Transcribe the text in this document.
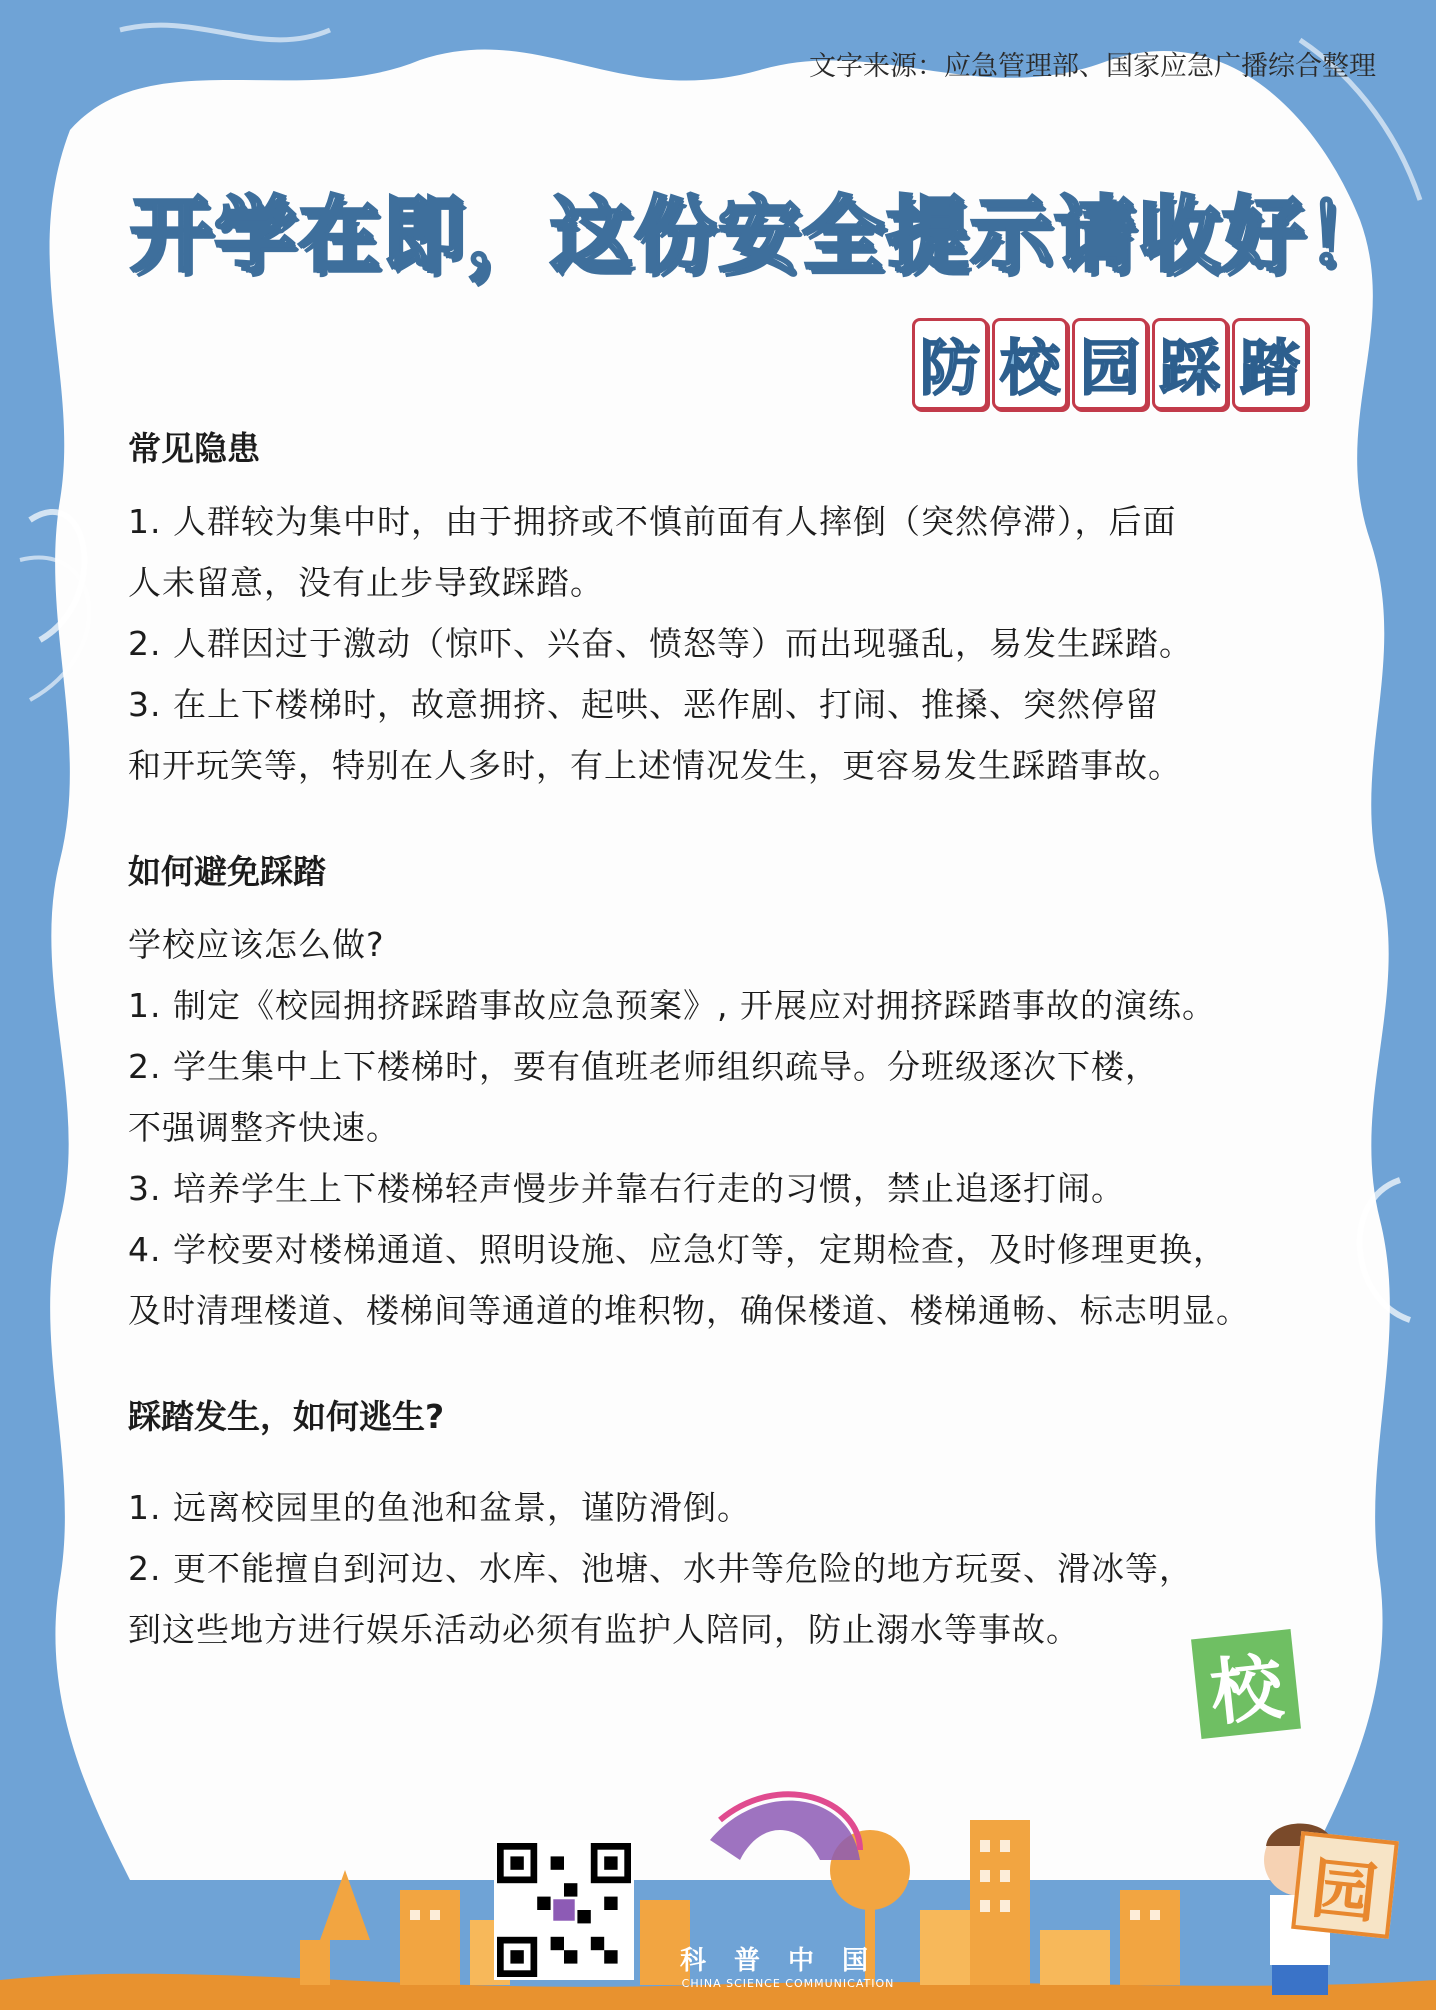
文字来源：应急管理部、国家应急广播综合整理
开学在即，这份安全提示请收好！
防 校 园 踩 踏
常见隐患
1. 人群较为集中时，由于拥挤或不慎前面有人摔倒（突然停滞），后面
人未留意，没有止步导致踩踏。
2. 人群因过于激动（惊吓、兴奋、愤怒等）而出现骚乱，易发生踩踏。
3. 在上下楼梯时，故意拥挤、起哄、恶作剧、打闹、推搡、突然停留
和开玩笑等，特别在人多时，有上述情况发生，更容易发生踩踏事故。
如何避免踩踏
学校应该怎么做?
1. 制定《校园拥挤踩踏事故应急预案》, 开展应对拥挤踩踏事故的演练。
2. 学生集中上下楼梯时，要有值班老师组织疏导。分班级逐次下楼，
不强调整齐快速。
3. 培养学生上下楼梯轻声慢步并靠右行走的习惯，禁止追逐打闹。
4. 学校要对楼梯通道、照明设施、应急灯等，定期检查，及时修理更换，
及时清理楼道、楼梯间等通道的堆积物，确保楼道、楼梯通畅、标志明显。
踩踏发生，如何逃生?
1. 远离校园里的鱼池和盆景，谨防滑倒。
2. 更不能擅自到河边、水库、池塘、水井等危险的地方玩耍、滑冰等，
到这些地方进行娱乐活动必须有监护人陪同，防止溺水等事故。
科普中国
CHINA SCIENCE COMMUNICATION
校
园
